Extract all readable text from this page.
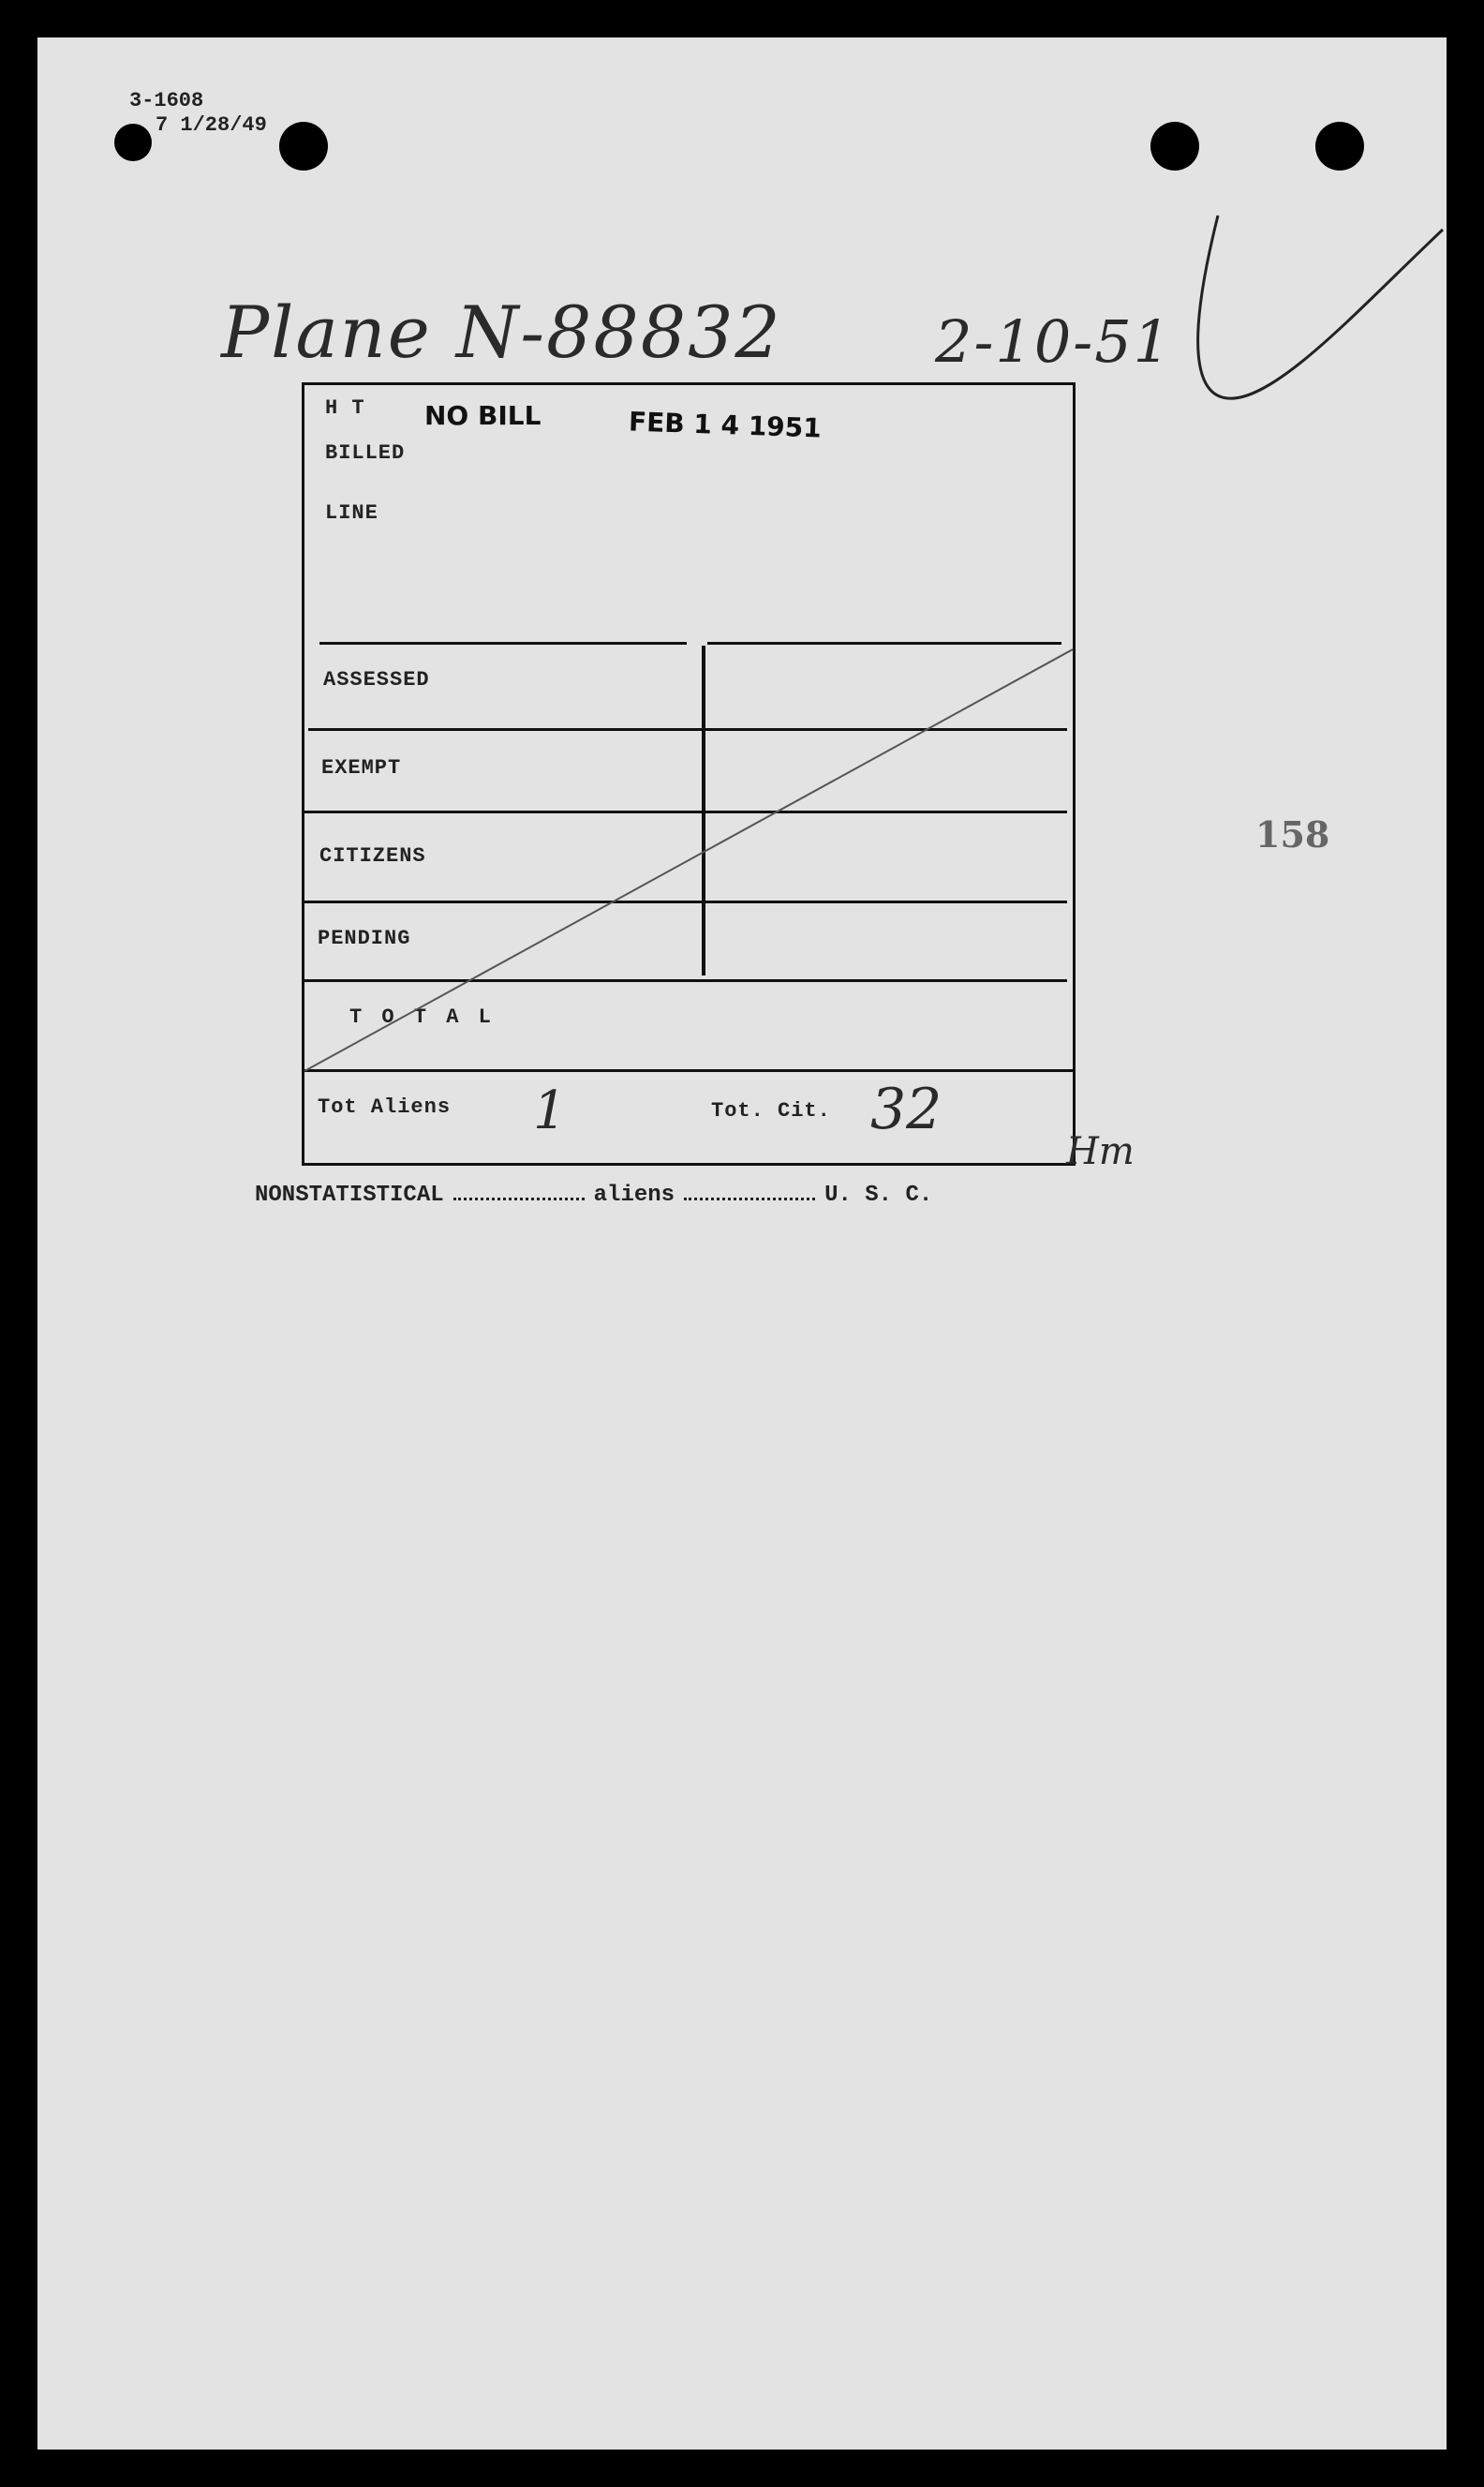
3-1608
7 1/28/49
Plane N-88832	2-10-51
158
H T NO BILL	FEB 1 4 1951
BILLED
LINE
ASSESSED
EXEMPT
CITIZENS
PENDING
T O T A L
Tot Aliens 1	Tot. Cit. 32
Hm
NONSTATISTICAL	aliens	U. S. C.
